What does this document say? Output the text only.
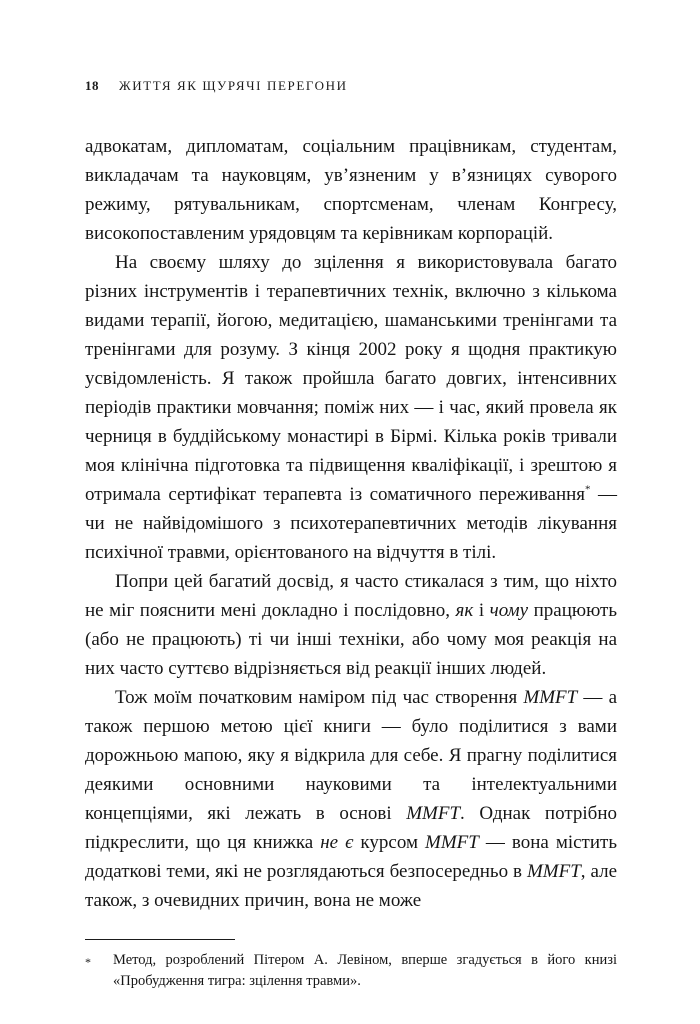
18 ЖИТТЯ ЯК ЩУРЯЧІ ПЕРЕГОНИ

адвокатам, дипломатам, соціальним працівникам, студентам, викладачам та науковцям, ув’язненим у в’язницях суворого режиму, рятувальникам, спортсменам, членам Конгресу, високопоставленим урядовцям та керівникам корпорацій.

На своєму шляху до зцілення я використовувала багато різних інструментів і терапевтичних технік, включно з кількома видами терапії, йогою, медитацією, шаманськими тренінгами та тренінгами для розуму. З кінця 2002 року я щодня практикую усвідомленість. Я також пройшла багато довгих, інтенсивних періодів практики мовчання; поміж них — і час, який провела як черниця в буддійському монастирі в Бірмі. Кілька років тривали моя клінічна підготовка та підвищення кваліфікації, і зрештою я отримала сертифікат терапевта із соматичного переживання* — чи не найвідомішого з психотерапевтичних методів лікування психічної травми, орієнтованого на відчуття в тілі.

Попри цей багатий досвід, я часто стикалася з тим, що ніхто не міг пояснити мені докладно і послідовно, як і чому працюють (або не працюють) ті чи інші техніки, або чому моя реакція на них часто суттєво відрізняється від реакції інших людей.

Тож моїм початковим наміром під час створення MMFT — а також першою метою цієї книги — було поділитися з вами дорожньою мапою, яку я відкрила для себе. Я прагну поділитися деякими основними науковими та інтелектуальними концепціями, які лежать в основі MMFT. Однак потрібно підкреслити, що ця книжка не є курсом MMFT — вона містить додаткові теми, які не розглядаються безпосередньо в MMFT, але також, з очевидних причин, вона не може

*	Метод, розроблений Пітером А. Левіном, вперше згадується в його книзі «Пробудження тигра: зцілення травми».
